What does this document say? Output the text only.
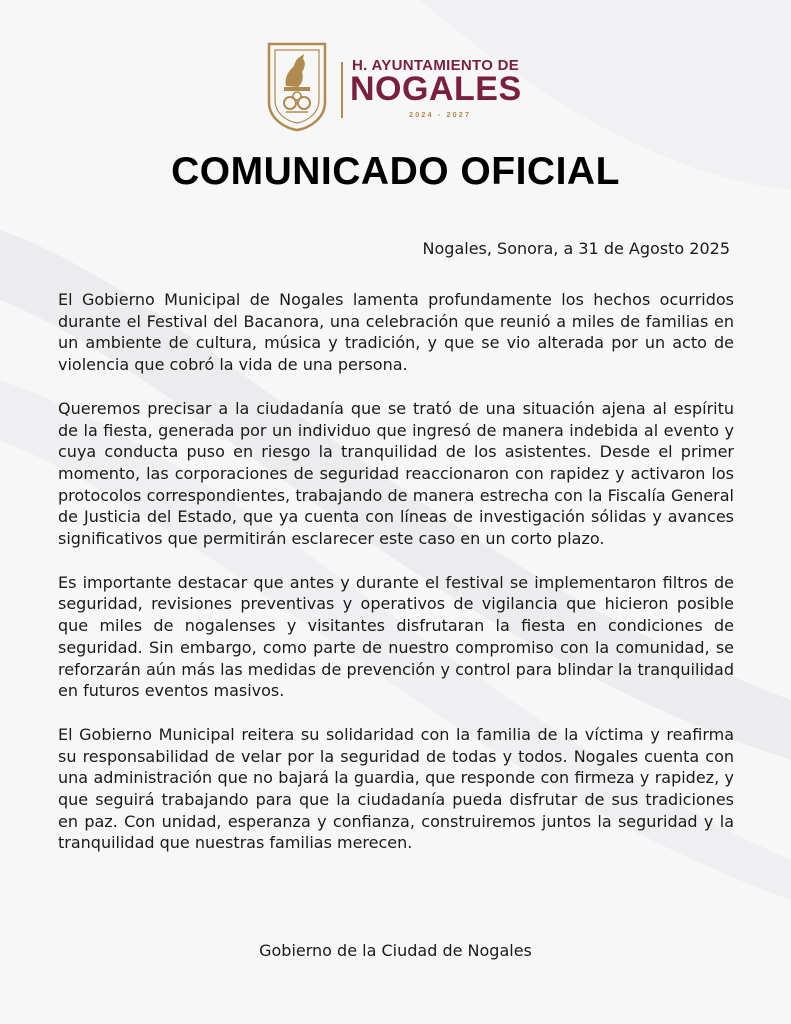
H. AYUNTAMIENTO DE
NOGALES
2024 - 2027
COMUNICADO OFICIAL
Nogales, Sonora, a 31 de Agosto 2025

El Gobierno Municipal de Nogales lamenta profundamente los hechos ocurridos durante el Festival del Bacanora, una celebración que reunió a miles de familias en un ambiente de cultura, música y tradición, y que se vio alterada por un acto de violencia que cobró la vida de una persona.

Queremos precisar a la ciudadanía que se trató de una situación ajena al espíritu de la fiesta, generada por un individuo que ingresó de manera indebida al evento y cuya conducta puso en riesgo la tranquilidad de los asistentes. Desde el primer momento, las corporaciones de seguridad reaccionaron con rapidez y activaron los protocolos correspondientes, trabajando de manera estrecha con la Fiscalía General de Justicia del Estado, que ya cuenta con líneas de investigación sólidas y avances significativos que permitirán esclarecer este caso en un corto plazo.

Es importante destacar que antes y durante el festival se implementaron filtros de seguridad, revisiones preventivas y operativos de vigilancia que hicieron posible que miles de nogalenses y visitantes disfrutaran la fiesta en condiciones de seguridad. Sin embargo, como parte de nuestro compromiso con la comunidad, se reforzarán aún más las medidas de prevención y control para blindar la tranquilidad en futuros eventos masivos.

El Gobierno Municipal reitera su solidaridad con la familia de la víctima y reafirma su responsabilidad de velar por la seguridad de todas y todos. Nogales cuenta con una administración que no bajará la guardia, que responde con firmeza y rapidez, y que seguirá trabajando para que la ciudadanía pueda disfrutar de sus tradiciones en paz. Con unidad, esperanza y confianza, construiremos juntos la seguridad y la tranquilidad que nuestras familias merecen.

Gobierno de la Ciudad de Nogales
